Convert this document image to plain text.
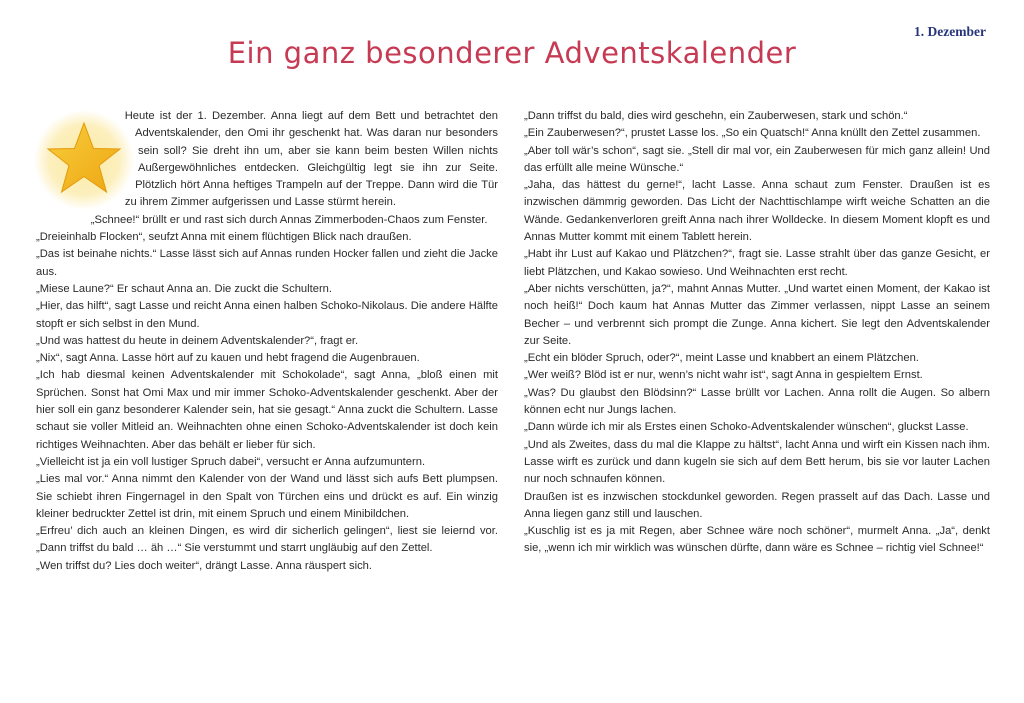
1. Dezember
Ein ganz besonderer Adventskalender

Heute ist der 1. Dezember. Anna liegt auf dem Bett und betrachtet den Adventskalender, den Omi ihr geschenkt hat. Was daran nur besonders sein soll? Sie dreht ihn um, aber sie kann beim besten Willen nichts Außergewöhnliches entdecken. Gleichgültig legt sie ihn zur Seite. Plötzlich hört Anna heftiges Trampeln auf der Treppe. Dann wird die Tür zu ihrem Zimmer aufgerissen und Lasse stürmt herein.

„Schnee!“ brüllt er und rast sich durch Annas Zimmerboden-Chaos zum Fenster.

„Dreieinhalb Flocken“, seufzt Anna mit einem flüchtigen Blick nach draußen.

„Das ist beinahe nichts.“ Lasse lässt sich auf Annas runden Hocker fallen und zieht die Jacke aus.

„Miese Laune?“ Er schaut Anna an. Die zuckt die Schultern.

„Hier, das hilft“, sagt Lasse und reicht Anna einen halben Schoko-Nikolaus. Die andere Hälfte stopft er sich selbst in den Mund.

„Und was hattest du heute in deinem Adventskalender?“, fragt er.

„Nix“, sagt Anna. Lasse hört auf zu kauen und hebt fragend die Augenbrauen.

„Ich hab diesmal keinen Adventskalender mit Schokolade“, sagt Anna, „bloß einen mit Sprüchen. Sonst hat Omi Max und mir immer Schoko-Adventskalender geschenkt. Aber der hier soll ein ganz besonderer Kalender sein, hat sie gesagt.“ Anna zuckt die Schultern. Lasse schaut sie voller Mitleid an. Weihnachten ohne einen Schoko-Adventskalender ist doch kein richtiges Weihnachten. Aber das behält er lieber für sich.

„Vielleicht ist ja ein voll lustiger Spruch dabei“, versucht er Anna aufzumuntern.

„Lies mal vor.“ Anna nimmt den Kalender von der Wand und lässt sich aufs Bett plumpsen. Sie schiebt ihren Fingernagel in den Spalt von Türchen eins und drückt es auf. Ein winzig kleiner bedruckter Zettel ist drin, mit einem Spruch und einem Minibildchen.

„Erfreu’ dich auch an kleinen Dingen, es wird dir sicherlich gelingen“, liest sie leiernd vor. „Dann triffst du bald … äh …“ Sie verstummt und starrt ungläubig auf den Zettel.

„Wen triffst du? Lies doch weiter“, drängt Lasse. Anna räuspert sich.

„Dann triffst du bald, dies wird geschehn, ein Zauberwesen, stark und schön.“

„Ein Zauberwesen?“, prustet Lasse los. „So ein Quatsch!“ Anna knüllt den Zettel zusammen.

„Aber toll wär’s schon“, sagt sie. „Stell dir mal vor, ein Zauberwesen für mich ganz allein! Und das erfüllt alle meine Wünsche.“

„Jaha, das hättest du gerne!“, lacht Lasse. Anna schaut zum Fenster. Draußen ist es inzwischen dämmrig geworden. Das Licht der Nachttischlampe wirft weiche Schatten an die Wände. Gedankenverloren greift Anna nach ihrer Wolldecke. In diesem Moment klopft es und Annas Mutter kommt mit einem Tablett herein.

„Habt ihr Lust auf Kakao und Plätzchen?“, fragt sie. Lasse strahlt über das ganze Gesicht, er liebt Plätzchen, und Kakao sowieso. Und Weihnachten erst recht.

„Aber nichts verschütten, ja?“, mahnt Annas Mutter. „Und wartet einen Moment, der Kakao ist noch heiß!“ Doch kaum hat Annas Mutter das Zimmer verlassen, nippt Lasse an seinem Becher – und verbrennt sich prompt die Zunge. Anna kichert. Sie legt den Adventskalender zur Seite.

„Echt ein blöder Spruch, oder?“, meint Lasse und knabbert an einem Plätzchen.

„Wer weiß? Blöd ist er nur, wenn’s nicht wahr ist“, sagt Anna in gespieltem Ernst.

„Was? Du glaubst den Blödsinn?“ Lasse brüllt vor Lachen. Anna rollt die Augen. So albern können echt nur Jungs lachen.

„Dann würde ich mir als Erstes einen Schoko-Adventskalender wünschen“, gluckst Lasse.

„Und als Zweites, dass du mal die Klappe zu hältst“, lacht Anna und wirft ein Kissen nach ihm. Lasse wirft es zurück und dann kugeln sie sich auf dem Bett herum, bis sie vor lauter Lachen nur noch schnaufen können.

Draußen ist es inzwischen stockdunkel geworden. Regen prasselt auf das Dach. Lasse und Anna liegen ganz still und lauschen.

„Kuschlig ist es ja mit Regen, aber Schnee wäre noch schöner“, murmelt Anna. „Ja“, denkt sie, „wenn ich mir wirklich was wünschen dürfte, dann wäre es Schnee – richtig viel Schnee!“
